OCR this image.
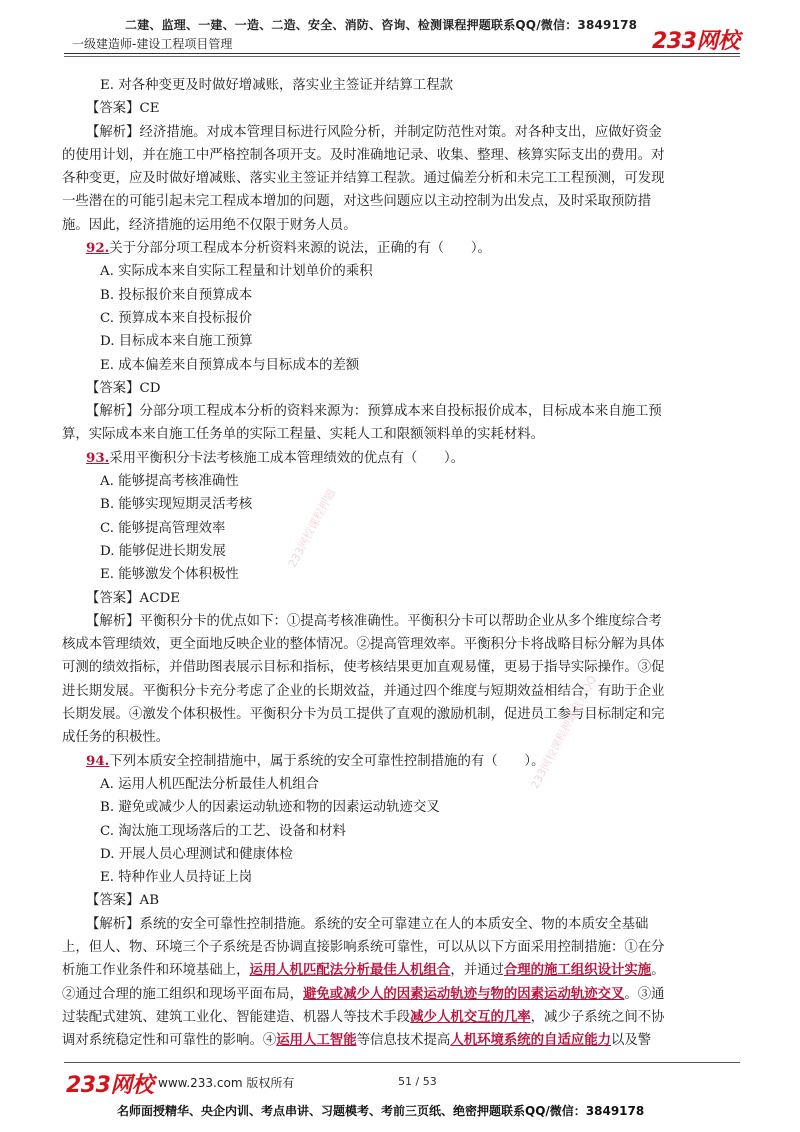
二建、监理、一建、一造、二造、安全、消防、咨询、检测课程押题联系QQ/微信：3849178
一级建造师-建设工程项目管理	233网校
233网校课程押题
233网校课程押题联系QQ
E. 对各种变更及时做好增减账，落实业主签证并结算工程款
【答案】CE
【解析】经济措施。对成本管理目标进行风险分析，并制定防范性对策。对各种支出，应做好资金
的使用计划，并在施工中严格控制各项开支。及时准确地记录、收集、整理、核算实际支出的费用。对
各种变更，应及时做好增减账、落实业主签证并结算工程款。通过偏差分析和未完工工程预测，可发现
一些潜在的可能引起未完工程成本增加的问题，对这些问题应以主动控制为出发点，及时采取预防措
施。因此，经济措施的运用绝不仅限于财务人员。
92.关于分部分项工程成本分析资料来源的说法，正确的有（　　）。
A. 实际成本来自实际工程量和计划单价的乘积
B. 投标报价来自预算成本
C. 预算成本来自投标报价
D. 目标成本来自施工预算
E. 成本偏差来自预算成本与目标成本的差额
【答案】CD
【解析】分部分项工程成本分析的资料来源为：预算成本来自投标报价成本，目标成本来自施工预
算，实际成本来自施工任务单的实际工程量、实耗人工和限额领料单的实耗材料。
93.采用平衡积分卡法考核施工成本管理绩效的优点有（　　）。
A. 能够提高考核准确性
B. 能够实现短期灵活考核
C. 能够提高管理效率
D. 能够促进长期发展
E. 能够激发个体积极性
【答案】ACDE
【解析】平衡积分卡的优点如下：①提高考核准确性。平衡积分卡可以帮助企业从多个维度综合考
核成本管理绩效，更全面地反映企业的整体情况。②提高管理效率。平衡积分卡将战略目标分解为具体
可测的绩效指标，并借助图表展示目标和指标，使考核结果更加直观易懂，更易于指导实际操作。③促
进长期发展。平衡积分卡充分考虑了企业的长期效益，并通过四个维度与短期效益相结合，有助于企业
长期发展。④激发个体积极性。平衡积分卡为员工提供了直观的激励机制，促进员工参与目标制定和完
成任务的积极性。
94.下列本质安全控制措施中，属于系统的安全可靠性控制措施的有（　　）。
A. 运用人机匹配法分析最佳人机组合
B. 避免或减少人的因素运动轨迹和物的因素运动轨迹交叉
C. 淘汰施工现场落后的工艺、设备和材料
D. 开展人员心理测试和健康体检
E. 特种作业人员持证上岗
【答案】AB
【解析】系统的安全可靠性控制措施。系统的安全可靠建立在人的本质安全、物的本质安全基础
上，但人、物、环境三个子系统是否协调直接影响系统可靠性，可以从以下方面采用控制措施：①在分
析施工作业条件和环境基础上，运用人机匹配法分析最佳人机组合，并通过合理的施工组织设计实施。
②通过合理的施工组织和现场平面布局，避免或减少人的因素运动轨迹与物的因素运动轨迹交叉。③通
过装配式建筑、建筑工业化、智能建造、机器人等技术手段减少人机交互的几率，减少子系统之间不协
调对系统稳定性和可靠性的影响。④运用人工智能等信息技术提高人机环境系统的自适应能力以及警
233网校 www.233.com 版权所有	51 / 53
名师面授精华、央企内训、考点串讲、习题模考、考前三页纸、绝密押题联系QQ/微信：3849178
